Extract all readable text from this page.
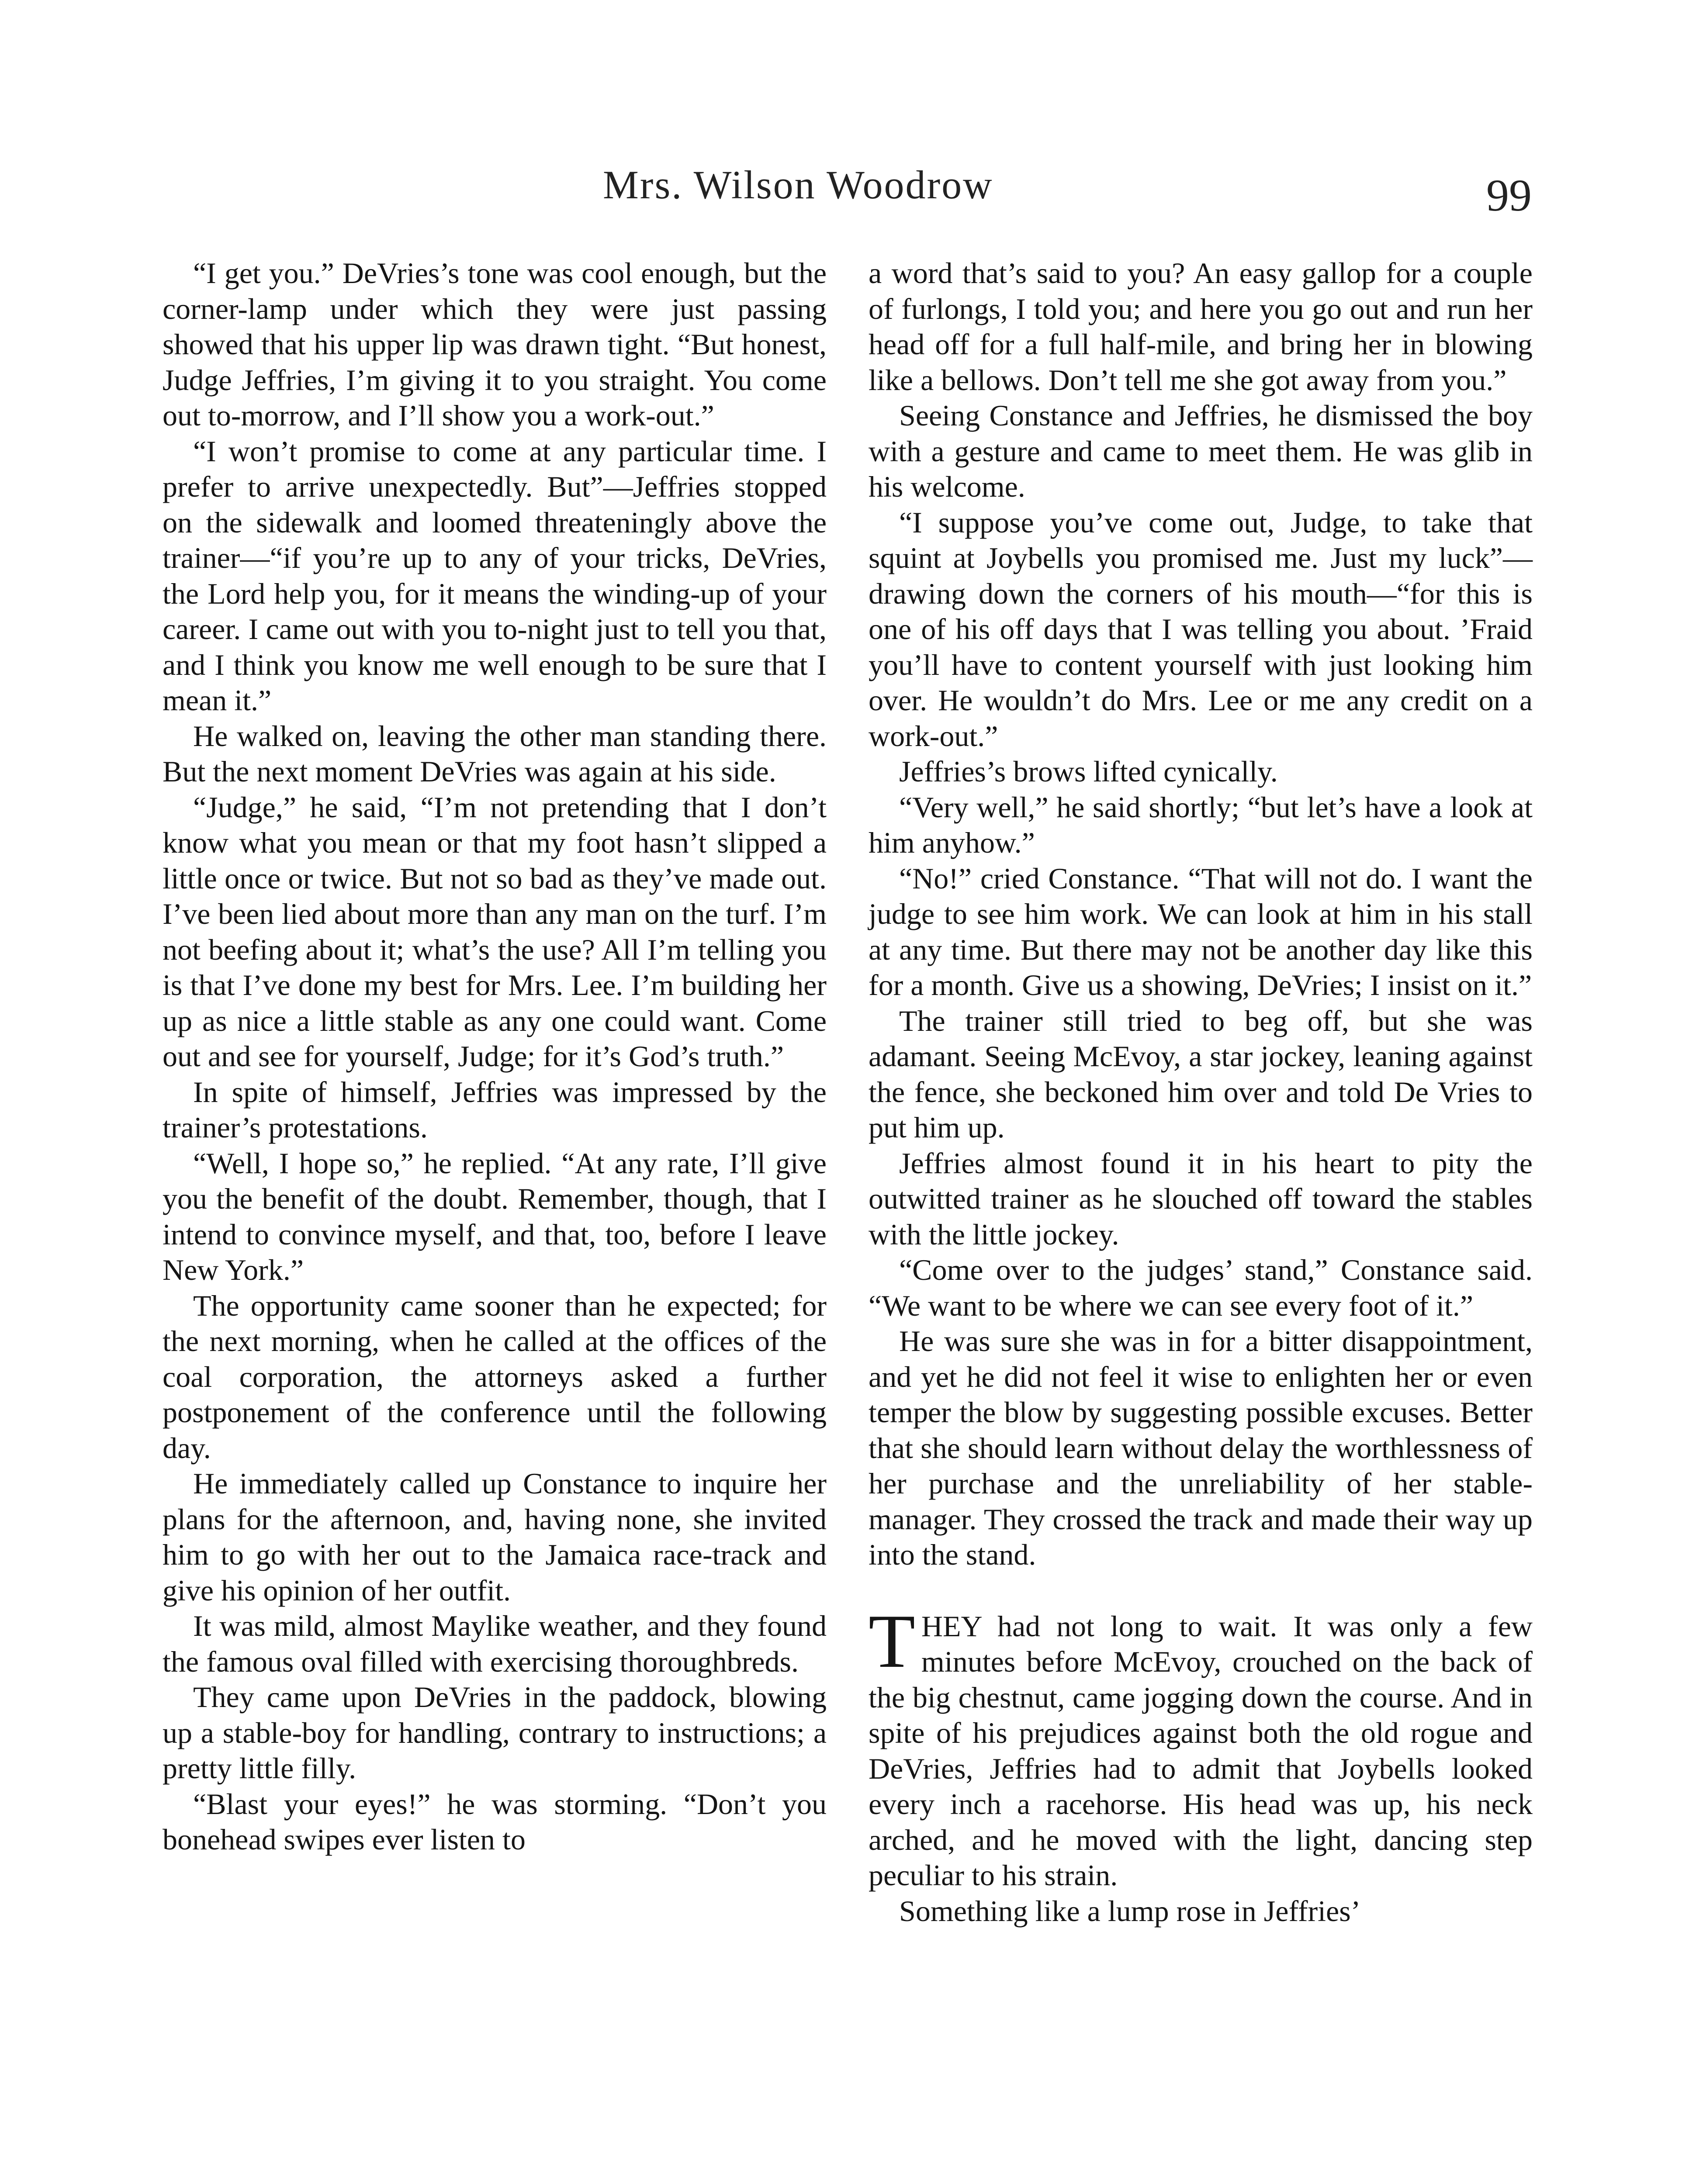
Mrs. Wilson Woodrow	99

“I get you.” DeVries’s tone was cool enough, but the corner-lamp under which they were just passing showed that his upper lip was drawn tight. “But honest, Judge Jeffries, I’m giving it to you straight. You come out to-morrow, and I’ll show you a work-out.”

“I won’t promise to come at any particular time. I prefer to arrive unexpectedly. But”—Jeffries stopped on the sidewalk and loomed threateningly above the trainer—“if you’re up to any of your tricks, DeVries, the Lord help you, for it means the winding-up of your career. I came out with you to-night just to tell you that, and I think you know me well enough to be sure that I mean it.”

He walked on, leaving the other man standing there. But the next moment DeVries was again at his side.

“Judge,” he said, “I’m not pretending that I don’t know what you mean or that my foot hasn’t slipped a little once or twice. But not so bad as they’ve made out. I’ve been lied about more than any man on the turf. I’m not beefing about it; what’s the use? All I’m telling you is that I’ve done my best for Mrs. Lee. I’m building her up as nice a little stable as any one could want. Come out and see for yourself, Judge; for it’s God’s truth.”

In spite of himself, Jeffries was impressed by the trainer’s protestations.

“Well, I hope so,” he replied. “At any rate, I’ll give you the benefit of the doubt. Remember, though, that I intend to convince myself, and that, too, before I leave New York.”

The opportunity came sooner than he expected; for the next morning, when he called at the offices of the coal corporation, the attorneys asked a further postponement of the conference until the following day.

He immediately called up Constance to inquire her plans for the afternoon, and, having none, she invited him to go with her out to the Jamaica race-track and give his opinion of her outfit.

It was mild, almost Maylike weather, and they found the famous oval filled with exercising thoroughbreds.

They came upon DeVries in the paddock, blowing up a stable-boy for handling, contrary to instructions; a pretty little filly.

“Blast your eyes!” he was storming. “Don’t you bonehead swipes ever listen to

a word that’s said to you? An easy gallop for a couple of furlongs, I told you; and here you go out and run her head off for a full half-mile, and bring her in blowing like a bellows. Don’t tell me she got away from you.”

Seeing Constance and Jeffries, he dismissed the boy with a gesture and came to meet them. He was glib in his welcome.

“I suppose you’ve come out, Judge, to take that squint at Joybells you promised me. Just my luck”—drawing down the corners of his mouth—“for this is one of his off days that I was telling you about. ’Fraid you’ll have to content yourself with just looking him over. He wouldn’t do Mrs. Lee or me any credit on a work-out.”

Jeffries’s brows lifted cynically.

“Very well,” he said shortly; “but let’s have a look at him anyhow.”

“No!” cried Constance. “That will not do. I want the judge to see him work. We can look at him in his stall at any time. But there may not be another day like this for a month. Give us a showing, DeVries; I insist on it.”

The trainer still tried to beg off, but she was adamant. Seeing McEvoy, a star jockey, leaning against the fence, she beckoned him over and told De Vries to put him up.

Jeffries almost found it in his heart to pity the outwitted trainer as he slouched off toward the stables with the little jockey.

“Come over to the judges’ stand,” Constance said. “We want to be where we can see every foot of it.”

He was sure she was in for a bitter disappointment, and yet he did not feel it wise to enlighten her or even temper the blow by suggesting possible excuses. Better that she should learn without delay the worthlessness of her purchase and the unreliability of her stable-manager. They crossed the track and made their way up into the stand.

THEY had not long to wait. It was only a few minutes before McEvoy, crouched on the back of the big chestnut, came jogging down the course. And in spite of his prejudices against both the old rogue and DeVries, Jeffries had to admit that Joybells looked every inch a racehorse. His head was up, his neck arched, and he moved with the light, dancing step peculiar to his strain.

Something like a lump rose in Jeffries’
